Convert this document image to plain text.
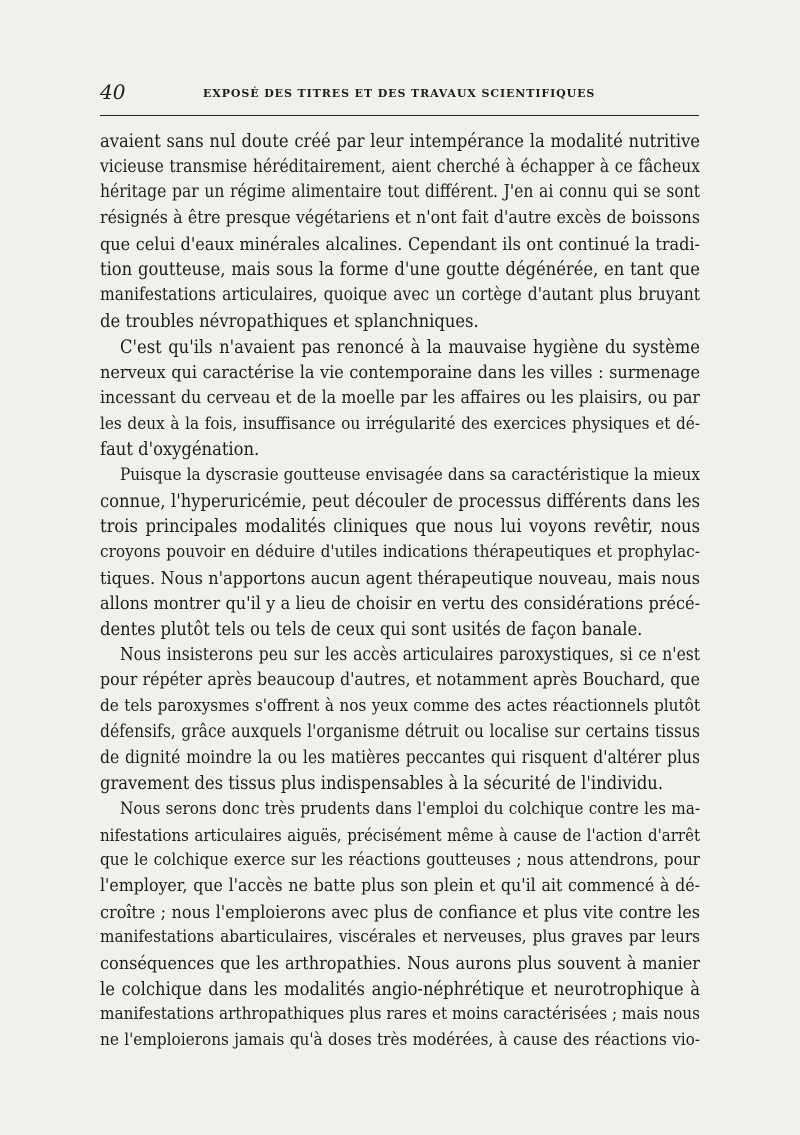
40	EXPOSÉ DES TITRES ET DES TRAVAUX SCIENTIFIQUES
avaient sans nul doute créé par leur intempérance la modalité nutritive
vicieuse transmise héréditairement, aient cherché à échapper à ce fâcheux
héritage par un régime alimentaire tout différent. J'en ai connu qui se sont
résignés à être presque végétariens et n'ont fait d'autre excès de boissons
que celui d'eaux minérales alcalines. Cependant ils ont continué la tradi-
tion goutteuse, mais sous la forme d'une goutte dégénérée, en tant que
manifestations articulaires, quoique avec un cortège d'autant plus bruyant
de troubles névropathiques et splanchniques.
C'est qu'ils n'avaient pas renoncé à la mauvaise hygiène du système
nerveux qui caractérise la vie contemporaine dans les villes : surmenage
incessant du cerveau et de la moelle par les affaires ou les plaisirs, ou par
les deux à la fois, insuffisance ou irrégularité des exercices physiques et dé-
faut d'oxygénation.
Puisque la dyscrasie goutteuse envisagée dans sa caractéristique la mieux
connue, l'hyperuricémie, peut découler de processus différents dans les
trois principales modalités cliniques que nous lui voyons revêtir, nous
croyons pouvoir en déduire d'utiles indications thérapeutiques et prophylac-
tiques. Nous n'apportons aucun agent thérapeutique nouveau, mais nous
allons montrer qu'il y a lieu de choisir en vertu des considérations précé-
dentes plutôt tels ou tels de ceux qui sont usités de façon banale.
Nous insisterons peu sur les accès articulaires paroxystiques, si ce n'est
pour répéter après beaucoup d'autres, et notamment après Bouchard, que
de tels paroxysmes s'offrent à nos yeux comme des actes réactionnels plutôt
défensifs, grâce auxquels l'organisme détruit ou localise sur certains tissus
de dignité moindre la ou les matières peccantes qui risquent d'altérer plus
gravement des tissus plus indispensables à la sécurité de l'individu.
Nous serons donc très prudents dans l'emploi du colchique contre les ma-
nifestations articulaires aiguës, précisément même à cause de l'action d'arrêt
que le colchique exerce sur les réactions goutteuses ; nous attendrons, pour
l'employer, que l'accès ne batte plus son plein et qu'il ait commencé à dé-
croître ; nous l'emploierons avec plus de confiance et plus vite contre les
manifestations abarticulaires, viscérales et nerveuses, plus graves par leurs
conséquences que les arthropathies. Nous aurons plus souvent à manier
le colchique dans les modalités angio-néphrétique et neurotrophique à
manifestations arthropathiques plus rares et moins caractérisées ; mais nous
ne l'emploierons jamais qu'à doses très modérées, à cause des réactions vio-
